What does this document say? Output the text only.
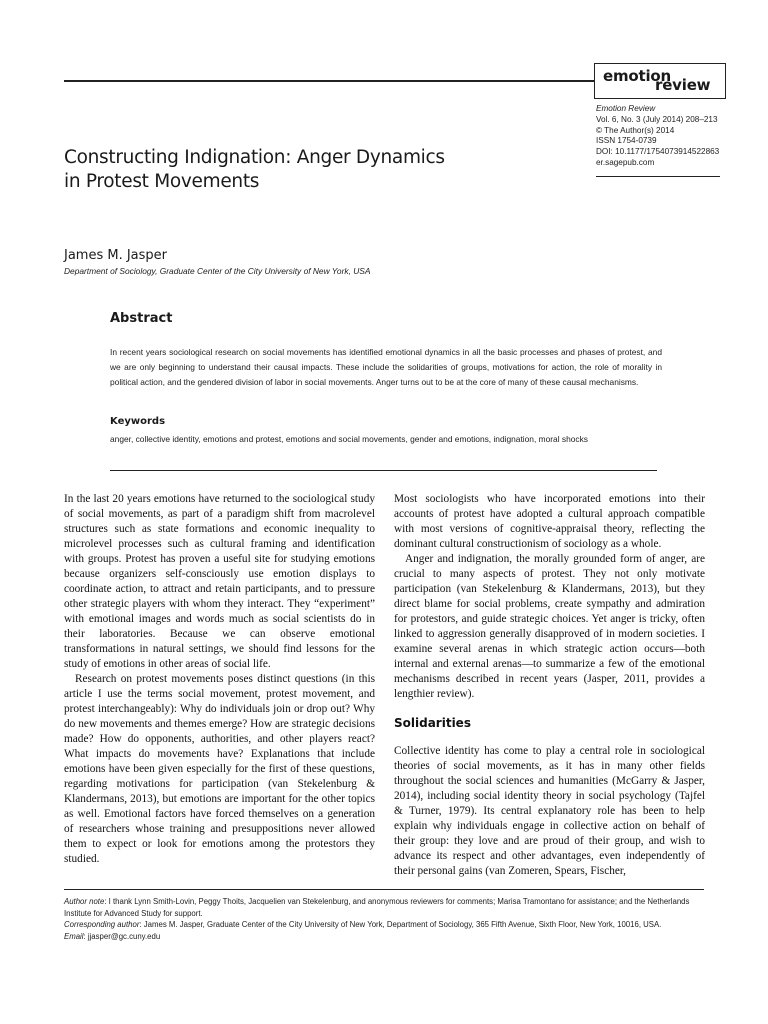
emotion
review
Emotion Review
Vol. 6, No. 3 (July 2014) 208–213
© The Author(s) 2014
ISSN 1754-0739
DOI: 10.1177/1754073914522863
er.sagepub.com
Constructing Indignation: Anger Dynamics
in Protest Movements
James M. Jasper
Department of Sociology, Graduate Center of the City University of New York, USA
Abstract
In recent years sociological research on social movements has identified emotional dynamics in all the basic processes and phases of protest, and we are only beginning to understand their causal impacts. These include the solidarities of groups, motivations for action, the role of morality in political action, and the gendered division of labor in social movements. Anger turns out to be at the core of many of these causal mechanisms.
Keywords
anger, collective identity, emotions and protest, emotions and social movements, gender and emotions, indignation, moral shocks

In the last 20 years emotions have returned to the sociological study of social movements, as part of a paradigm shift from macrolevel structures such as state formations and economic inequality to microlevel processes such as cultural framing and identification with groups. Protest has proven a useful site for studying emotions because organizers self-consciously use emotion displays to coordinate action, to attract and retain participants, and to pressure other strategic players with whom they interact. They “experiment” with emotional images and words much as social scientists do in their laboratories. Because we can observe emotional transformations in natural settings, we should find lessons for the study of emotions in other areas of social life.

Research on protest movements poses distinct questions (in this article I use the terms social movement, protest movement, and protest interchangeably): Why do individuals join or drop out? Why do new movements and themes emerge? How are strategic decisions made? How do opponents, authorities, and other players react? What impacts do movements have? Explanations that include emotions have been given especially for the first of these questions, regarding motivations for participation (van Stekelenburg & Klandermans, 2013), but emotions are important for the other topics as well. Emotional factors have forced themselves on a generation of researchers whose training and presuppositions never allowed them to expect or look for emotions among the protestors they studied.

Most sociologists who have incorporated emotions into their accounts of protest have adopted a cultural approach compatible with most versions of cognitive-appraisal theory, reflecting the dominant cultural constructionism of sociology as a whole.

Anger and indignation, the morally grounded form of anger, are crucial to many aspects of protest. They not only motivate participation (van Stekelenburg & Klandermans, 2013), but they direct blame for social problems, create sympathy and admiration for protestors, and guide strategic choices. Yet anger is tricky, often linked to aggression generally disapproved of in modern societies. I examine several arenas in which strategic action occurs—both internal and external arenas—to summarize a few of the emotional mechanisms described in recent years (Jasper, 2011, provides a lengthier review).

Solidarities

Collective identity has come to play a central role in sociological theories of social movements, as it has in many other fields throughout the social sciences and humanities (McGarry & Jasper, 2014), including social identity theory in social psychology (Tajfel & Turner, 1979). Its central explanatory role has been to help explain why individuals engage in collective action on behalf of their group: they love and are proud of their group, and wish to advance its respect and other advantages, even independently of their personal gains (van Zomeren, Spears, Fischer,

Author note: I thank Lynn Smith-Lovin, Peggy Thoits, Jacquelien van Stekelenburg, and anonymous reviewers for comments; Marisa Tramontano for assistance; and the Netherlands Institute for Advanced Study for support.
Corresponding author: James M. Jasper, Graduate Center of the City University of New York, Department of Sociology, 365 Fifth Avenue, Sixth Floor, New York, 10016, USA.
Email: jjasper@gc.cuny.edu
